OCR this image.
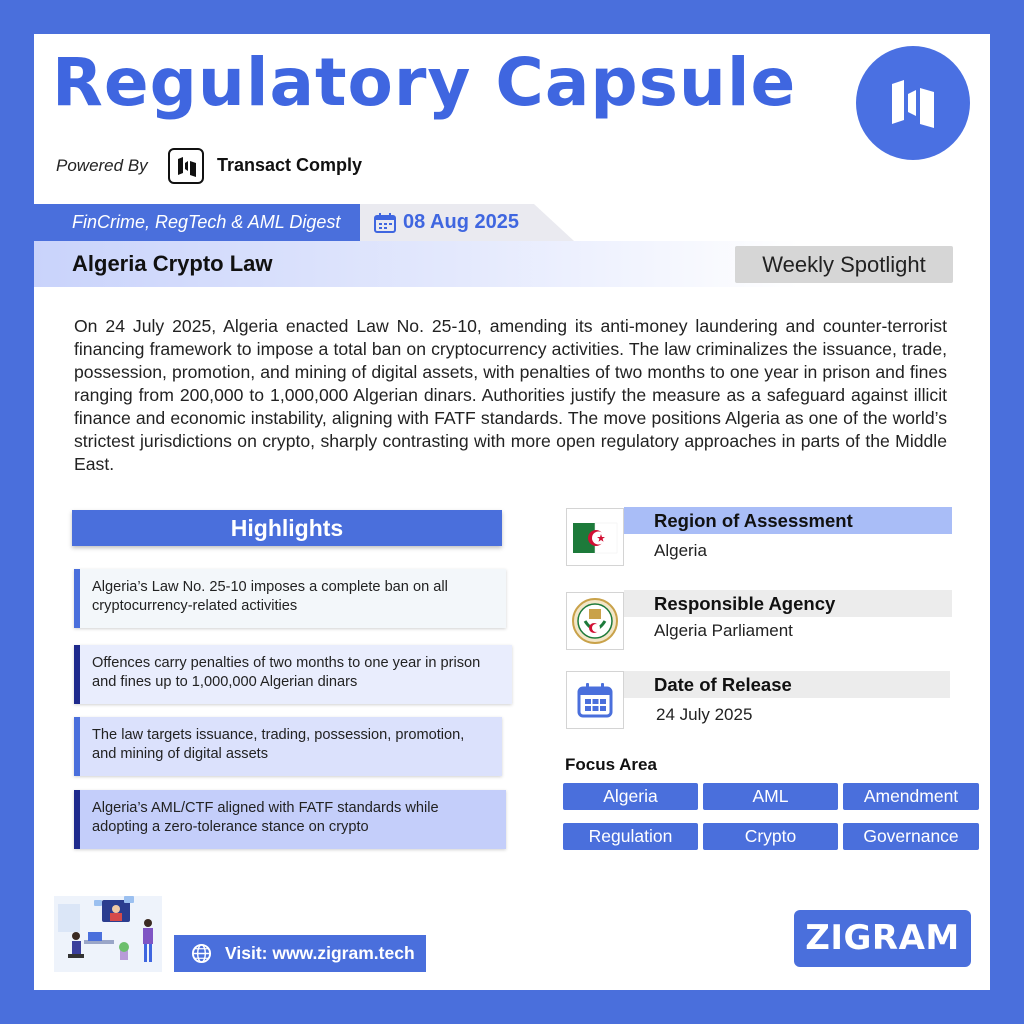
Regulatory Capsule
Powered By	Transact Comply
FinCrime, RegTech & AML Digest	08 Aug 2025
Algeria Crypto Law	Weekly Spotlight

On 24 July 2025, Algeria enacted Law No. 25-10, amending its anti-money laundering and counter-terrorist financing framework to impose a total ban on cryptocurrency activities. The law criminalizes the issuance, trade, possession, promotion, and mining of digital assets, with penalties of two months to one year in prison and fines ranging from 200,000 to 1,000,000 Algerian dinars. Authorities justify the measure as a safeguard against illicit finance and economic instability, aligning with FATF standards. The move positions Algeria as one of the world’s strictest jurisdictions on crypto, sharply contrasting with more open regulatory approaches in parts of the Middle East.

Highlights
Algeria’s Law No. 25-10 imposes a complete ban on all cryptocurrency-related activities
Offences carry penalties of two months to one year in prison and fines up to 1,000,000 Algerian dinars
The law targets issuance, trading, possession, promotion, and mining of digital assets
Algeria’s AML/CTF aligned with FATF standards while adopting a zero-tolerance stance on crypto
Region of Assessment
Algeria
Responsible Agency
Algeria Parliament
Date of Release
24 July 2025
Focus Area
Algeria	AML	Amendment
Regulation	Crypto	Governance
Visit: www.zigram.tech	ZIGRAM
